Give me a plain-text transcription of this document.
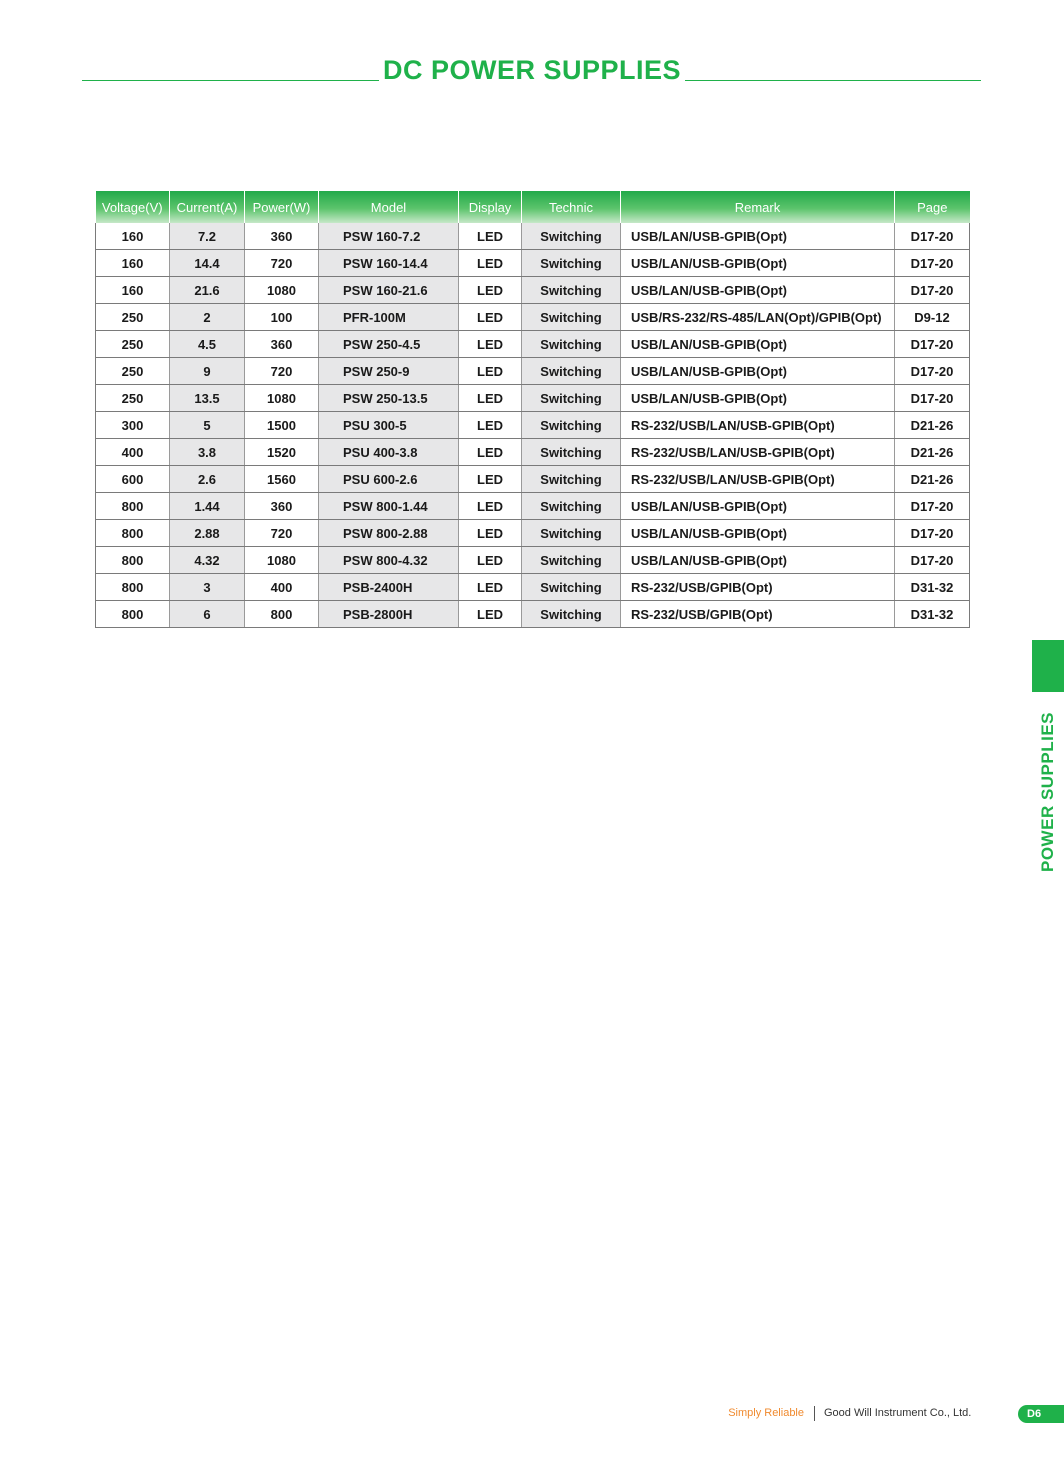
DC POWER SUPPLIES
Voltage(V)	Current(A)	Power(W)	Model	Display	Technic	Remark	Page
160	7.2	360	PSW 160-7.2	LED	Switching	USB/LAN/USB-GPIB(Opt)	D17-20
160	14.4	720	PSW 160-14.4	LED	Switching	USB/LAN/USB-GPIB(Opt)	D17-20
160	21.6	1080	PSW 160-21.6	LED	Switching	USB/LAN/USB-GPIB(Opt)	D17-20
250	2	100	PFR-100M	LED	Switching	USB/RS-232/RS-485/LAN(Opt)/GPIB(Opt)	D9-12
250	4.5	360	PSW 250-4.5	LED	Switching	USB/LAN/USB-GPIB(Opt)	D17-20
250	9	720	PSW 250-9	LED	Switching	USB/LAN/USB-GPIB(Opt)	D17-20
250	13.5	1080	PSW 250-13.5	LED	Switching	USB/LAN/USB-GPIB(Opt)	D17-20
300	5	1500	PSU 300-5	LED	Switching	RS-232/USB/LAN/USB-GPIB(Opt)	D21-26
400	3.8	1520	PSU 400-3.8	LED	Switching	RS-232/USB/LAN/USB-GPIB(Opt)	D21-26
600	2.6	1560	PSU 600-2.6	LED	Switching	RS-232/USB/LAN/USB-GPIB(Opt)	D21-26
800	1.44	360	PSW 800-1.44	LED	Switching	USB/LAN/USB-GPIB(Opt)	D17-20
800	2.88	720	PSW 800-2.88	LED	Switching	USB/LAN/USB-GPIB(Opt)	D17-20
800	4.32	1080	PSW 800-4.32	LED	Switching	USB/LAN/USB-GPIB(Opt)	D17-20
800	3	400	PSB-2400H	LED	Switching	RS-232/USB/GPIB(Opt)	D31-32
800	6	800	PSB-2800H	LED	Switching	RS-232/USB/GPIB(Opt)	D31-32
POWER SUPPLIES
Simply Reliable Good Will Instrument Co., Ltd.	D6
